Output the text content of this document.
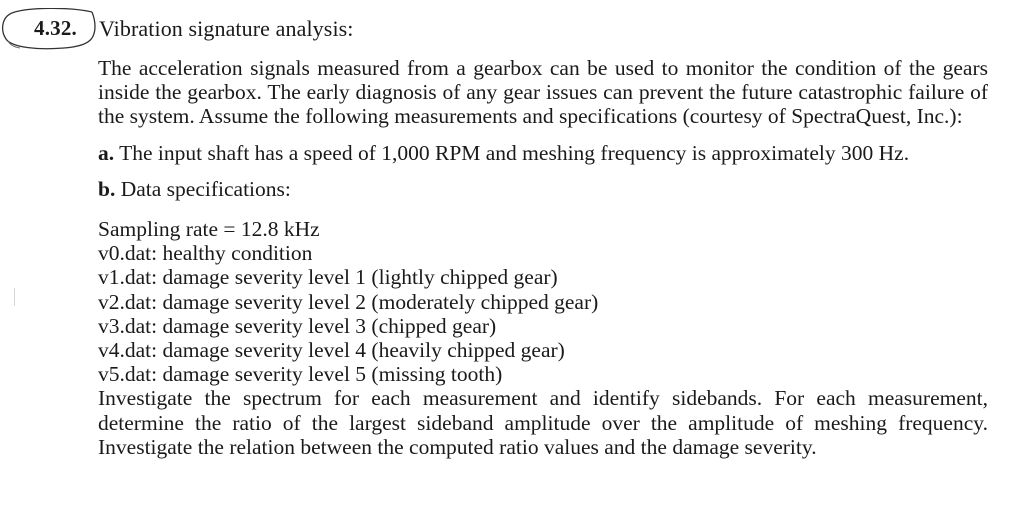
4.32. Vibration signature analysis:

The acceleration signals measured from a gearbox can be used to monitor the condition of the gears inside the gearbox. The early diagnosis of any gear issues can prevent the future catastrophic failure of the system. Assume the following measurements and specifications (courtesy of SpectraQuest, Inc.):

a. The input shaft has a speed of 1,000 RPM and meshing frequency is approximately 300 Hz.

b. Data specifications:

Sampling rate = 12.8 kHz
v0.dat: healthy condition
v1.dat: damage severity level 1 (lightly chipped gear)
v2.dat: damage severity level 2 (moderately chipped gear)
v3.dat: damage severity level 3 (chipped gear)
v4.dat: damage severity level 4 (heavily chipped gear)
v5.dat: damage severity level 5 (missing tooth)

Investigate the spectrum for each measurement and identify sidebands. For each measurement, determine the ratio of the largest sideband amplitude over the amplitude of meshing frequency. Investigate the relation between the computed ratio values and the damage severity.
